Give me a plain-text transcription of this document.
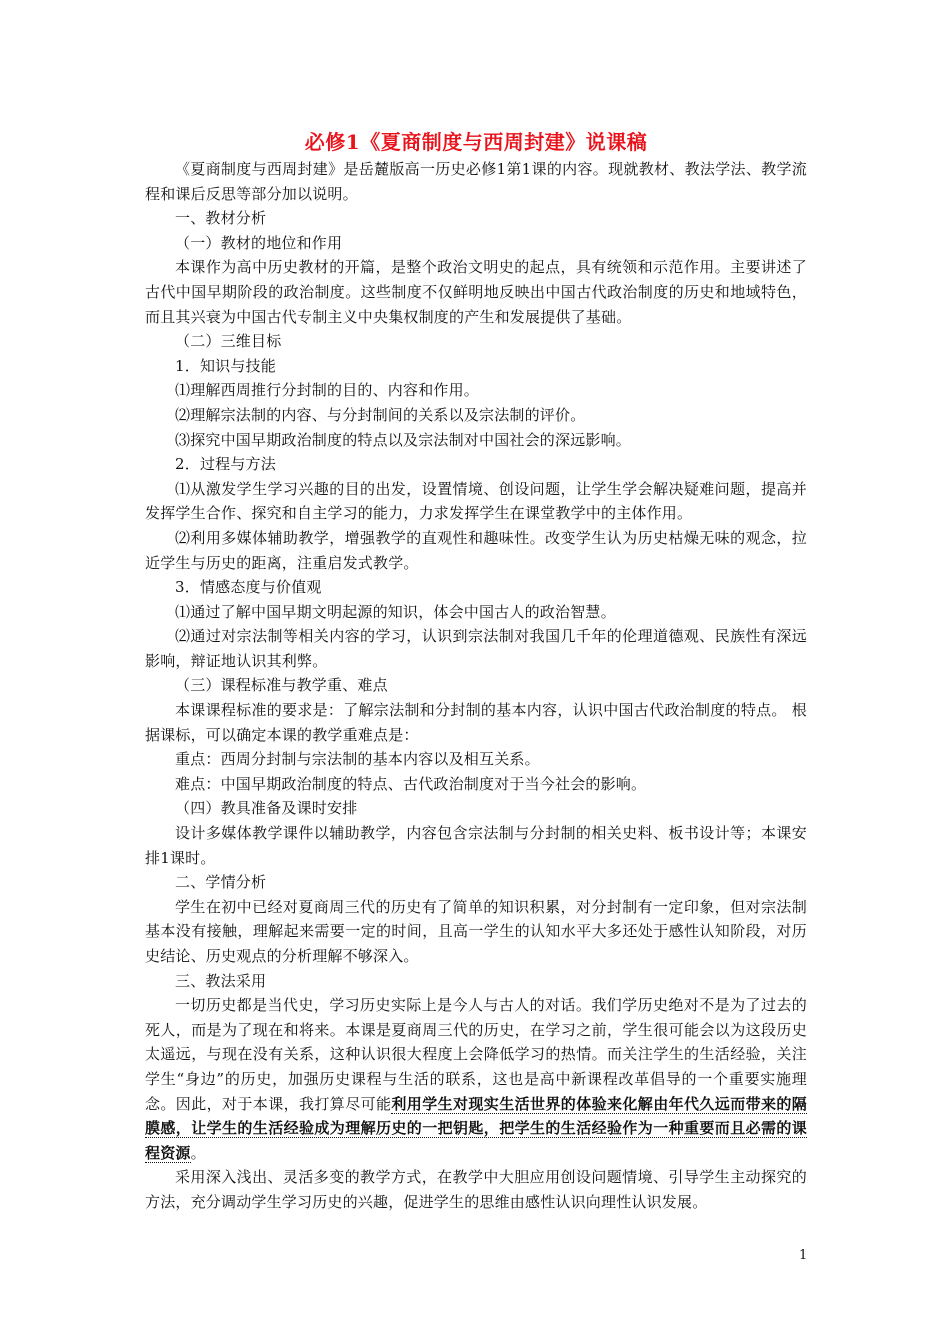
必修1《夏商制度与西周封建》说课稿

《夏商制度与西周封建》是岳麓版高一历史必修1第1课的内容。现就教材、教法学法、教学流程和课后反思等部分加以说明。

一、教材分析

（一）教材的地位和作用

本课作为高中历史教材的开篇，是整个政治文明史的起点，具有统领和示范作用。主要讲述了古代中国早期阶段的政治制度。这些制度不仅鲜明地反映出中国古代政治制度的历史和地域特色，而且其兴衰为中国古代专制主义中央集权制度的产生和发展提供了基础。

（二）三维目标

1．知识与技能

⑴理解西周推行分封制的目的、内容和作用。

⑵理解宗法制的内容、与分封制间的关系以及宗法制的评价。

⑶探究中国早期政治制度的特点以及宗法制对中国社会的深远影响。

2．过程与方法

⑴从激发学生学习兴趣的目的出发，设置情境、创设问题，让学生学会解决疑难问题，提高并发挥学生合作、探究和自主学习的能力，力求发挥学生在课堂教学中的主体作用。

⑵利用多媒体辅助教学，增强教学的直观性和趣味性。改变学生认为历史枯燥无味的观念，拉近学生与历史的距离，注重启发式教学。

3．情感态度与价值观

⑴通过了解中国早期文明起源的知识，体会中国古人的政治智慧。

⑵通过对宗法制等相关内容的学习，认识到宗法制对我国几千年的伦理道德观、民族性有深远影响，辩证地认识其利弊。

（三）课程标准与教学重、难点

本课课程标准的要求是：了解宗法制和分封制的基本内容，认识中国古代政治制度的特点。 根据课标，可以确定本课的教学重难点是：

重点：西周分封制与宗法制的基本内容以及相互关系。

难点：中国早期政治制度的特点、古代政治制度对于当今社会的影响。

（四）教具准备及课时安排

设计多媒体教学课件以辅助教学，内容包含宗法制与分封制的相关史料、板书设计等；本课安排1课时。

二、学情分析

学生在初中已经对夏商周三代的历史有了简单的知识积累，对分封制有一定印象，但对宗法制基本没有接触，理解起来需要一定的时间，且高一学生的认知水平大多还处于感性认知阶段，对历史结论、历史观点的分析理解不够深入。

三、教法采用

一切历史都是当代史，学习历史实际上是今人与古人的对话。我们学历史绝对不是为了过去的死人，而是为了现在和将来。本课是夏商周三代的历史，在学习之前，学生很可能会以为这段历史太遥远，与现在没有关系，这种认识很大程度上会降低学习的热情。而关注学生的生活经验，关注学生“身边”的历史，加强历史课程与生活的联系，这也是高中新课程改革倡导的一个重要实施理念。因此，对于本课，我打算尽可能利用学生对现实生活世界的体验来化解由年代久远而带来的隔膜感，让学生的生活经验成为理解历史的一把钥匙，把学生的生活经验作为一种重要而且必需的课程资源。

采用深入浅出、灵活多变的教学方式，在教学中大胆应用创设问题情境、引导学生主动探究的方法，充分调动学生学习历史的兴趣，促进学生的思维由感性认识向理性认识发展。

1
